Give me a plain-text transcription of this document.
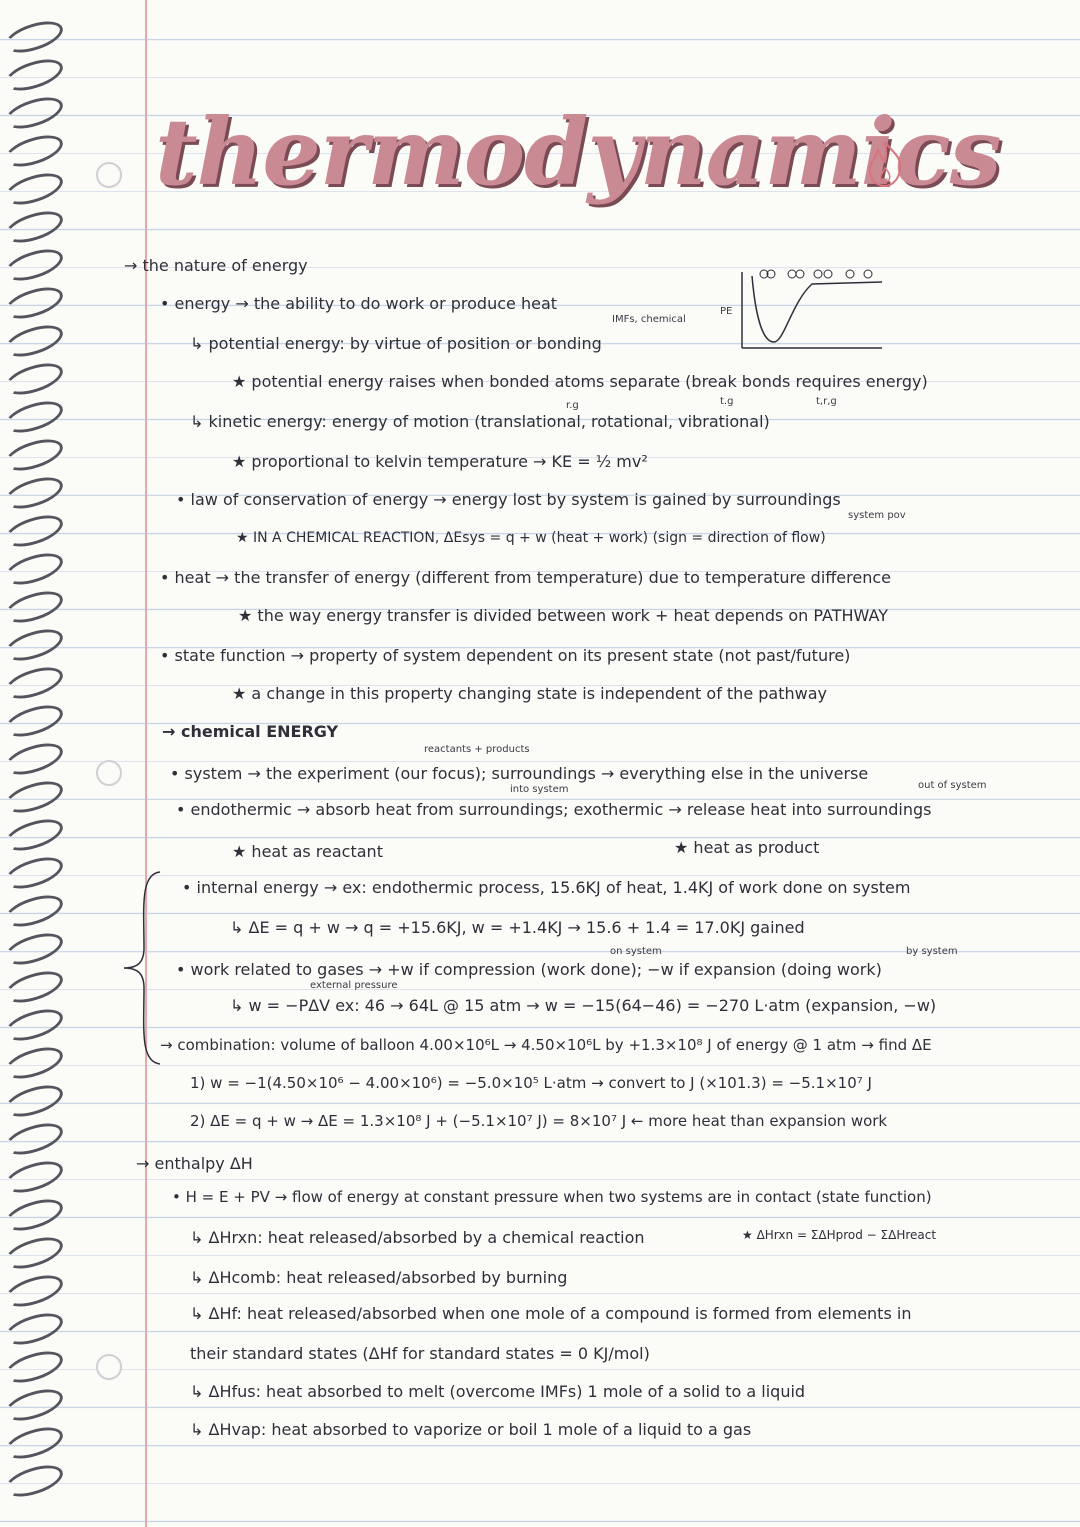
thermodynamics
→ the nature of energy
• energy → the ability to do work or produce heat
↳ potential energy: by virtue of position or bonding
★ potential energy raises when bonded atoms separate (break bonds requires energy)
↳ kinetic energy: energy of motion (translational, rotational, vibrational)
★ proportional to kelvin temperature → KE = ½ mv²
• law of conservation of energy → energy lost by system is gained by surroundings
★ IN A CHEMICAL REACTION, ΔEsys = q + w (heat + work) (sign = direction of flow)
• heat → the transfer of energy (different from temperature) due to temperature difference
★ the way energy transfer is divided between work + heat depends on PATHWAY
• state function → property of system dependent on its present state (not past/future)
★ a change in this property changing state is independent of the pathway
→ chemical ENERGY
• system → the experiment (our focus); surroundings → everything else in the universe
• endothermic → absorb heat from surroundings; exothermic → release heat into surroundings
★ heat as reactant	★ heat as product
• internal energy → ex: endothermic process, 15.6KJ of heat, 1.4KJ of work done on system
↳ ΔE = q + w → q = +15.6KJ, w = +1.4KJ → 15.6 + 1.4 = 17.0KJ gained
• work related to gases → +w if compression (work done); −w if expansion (doing work)
↳ w = −PΔV ex: 46 → 64L @ 15 atm → w = −15(64−46) = −270 L·atm (expansion, −w)
→ combination: volume of balloon 4.00×10⁶L → 4.50×10⁶L by +1.3×10⁸ J of energy @ 1 atm → find ΔE
1) w = −1(4.50×10⁶ − 4.00×10⁶) = −5.0×10⁵ L·atm → convert to J (×101.3) = −5.1×10⁷ J
2) ΔE = q + w → ΔE = 1.3×10⁸ J + (−5.1×10⁷ J) = 8×10⁷ J ← more heat than expansion work
→ enthalpy ΔH
• H = E + PV → flow of energy at constant pressure when two systems are in contact (state function)
↳ ΔHrxn: heat released/absorbed by a chemical reaction	★ ΔHrxn = ΣΔHprod − ΣΔHreact
↳ ΔHcomb: heat released/absorbed by burning
↳ ΔHf: heat released/absorbed when one mole of a compound is formed from elements in
their standard states (ΔHf for standard states = 0 KJ/mol)
↳ ΔHfus: heat absorbed to melt (overcome IMFs) 1 mole of a solid to a liquid
↳ ΔHvap: heat absorbed to vaporize or boil 1 mole of a liquid to a gas
IMFs, chemical
PE
t.g
r.g	t,r,g
system pov
reactants + products
into system	out of system
on system	by system
external pressure
